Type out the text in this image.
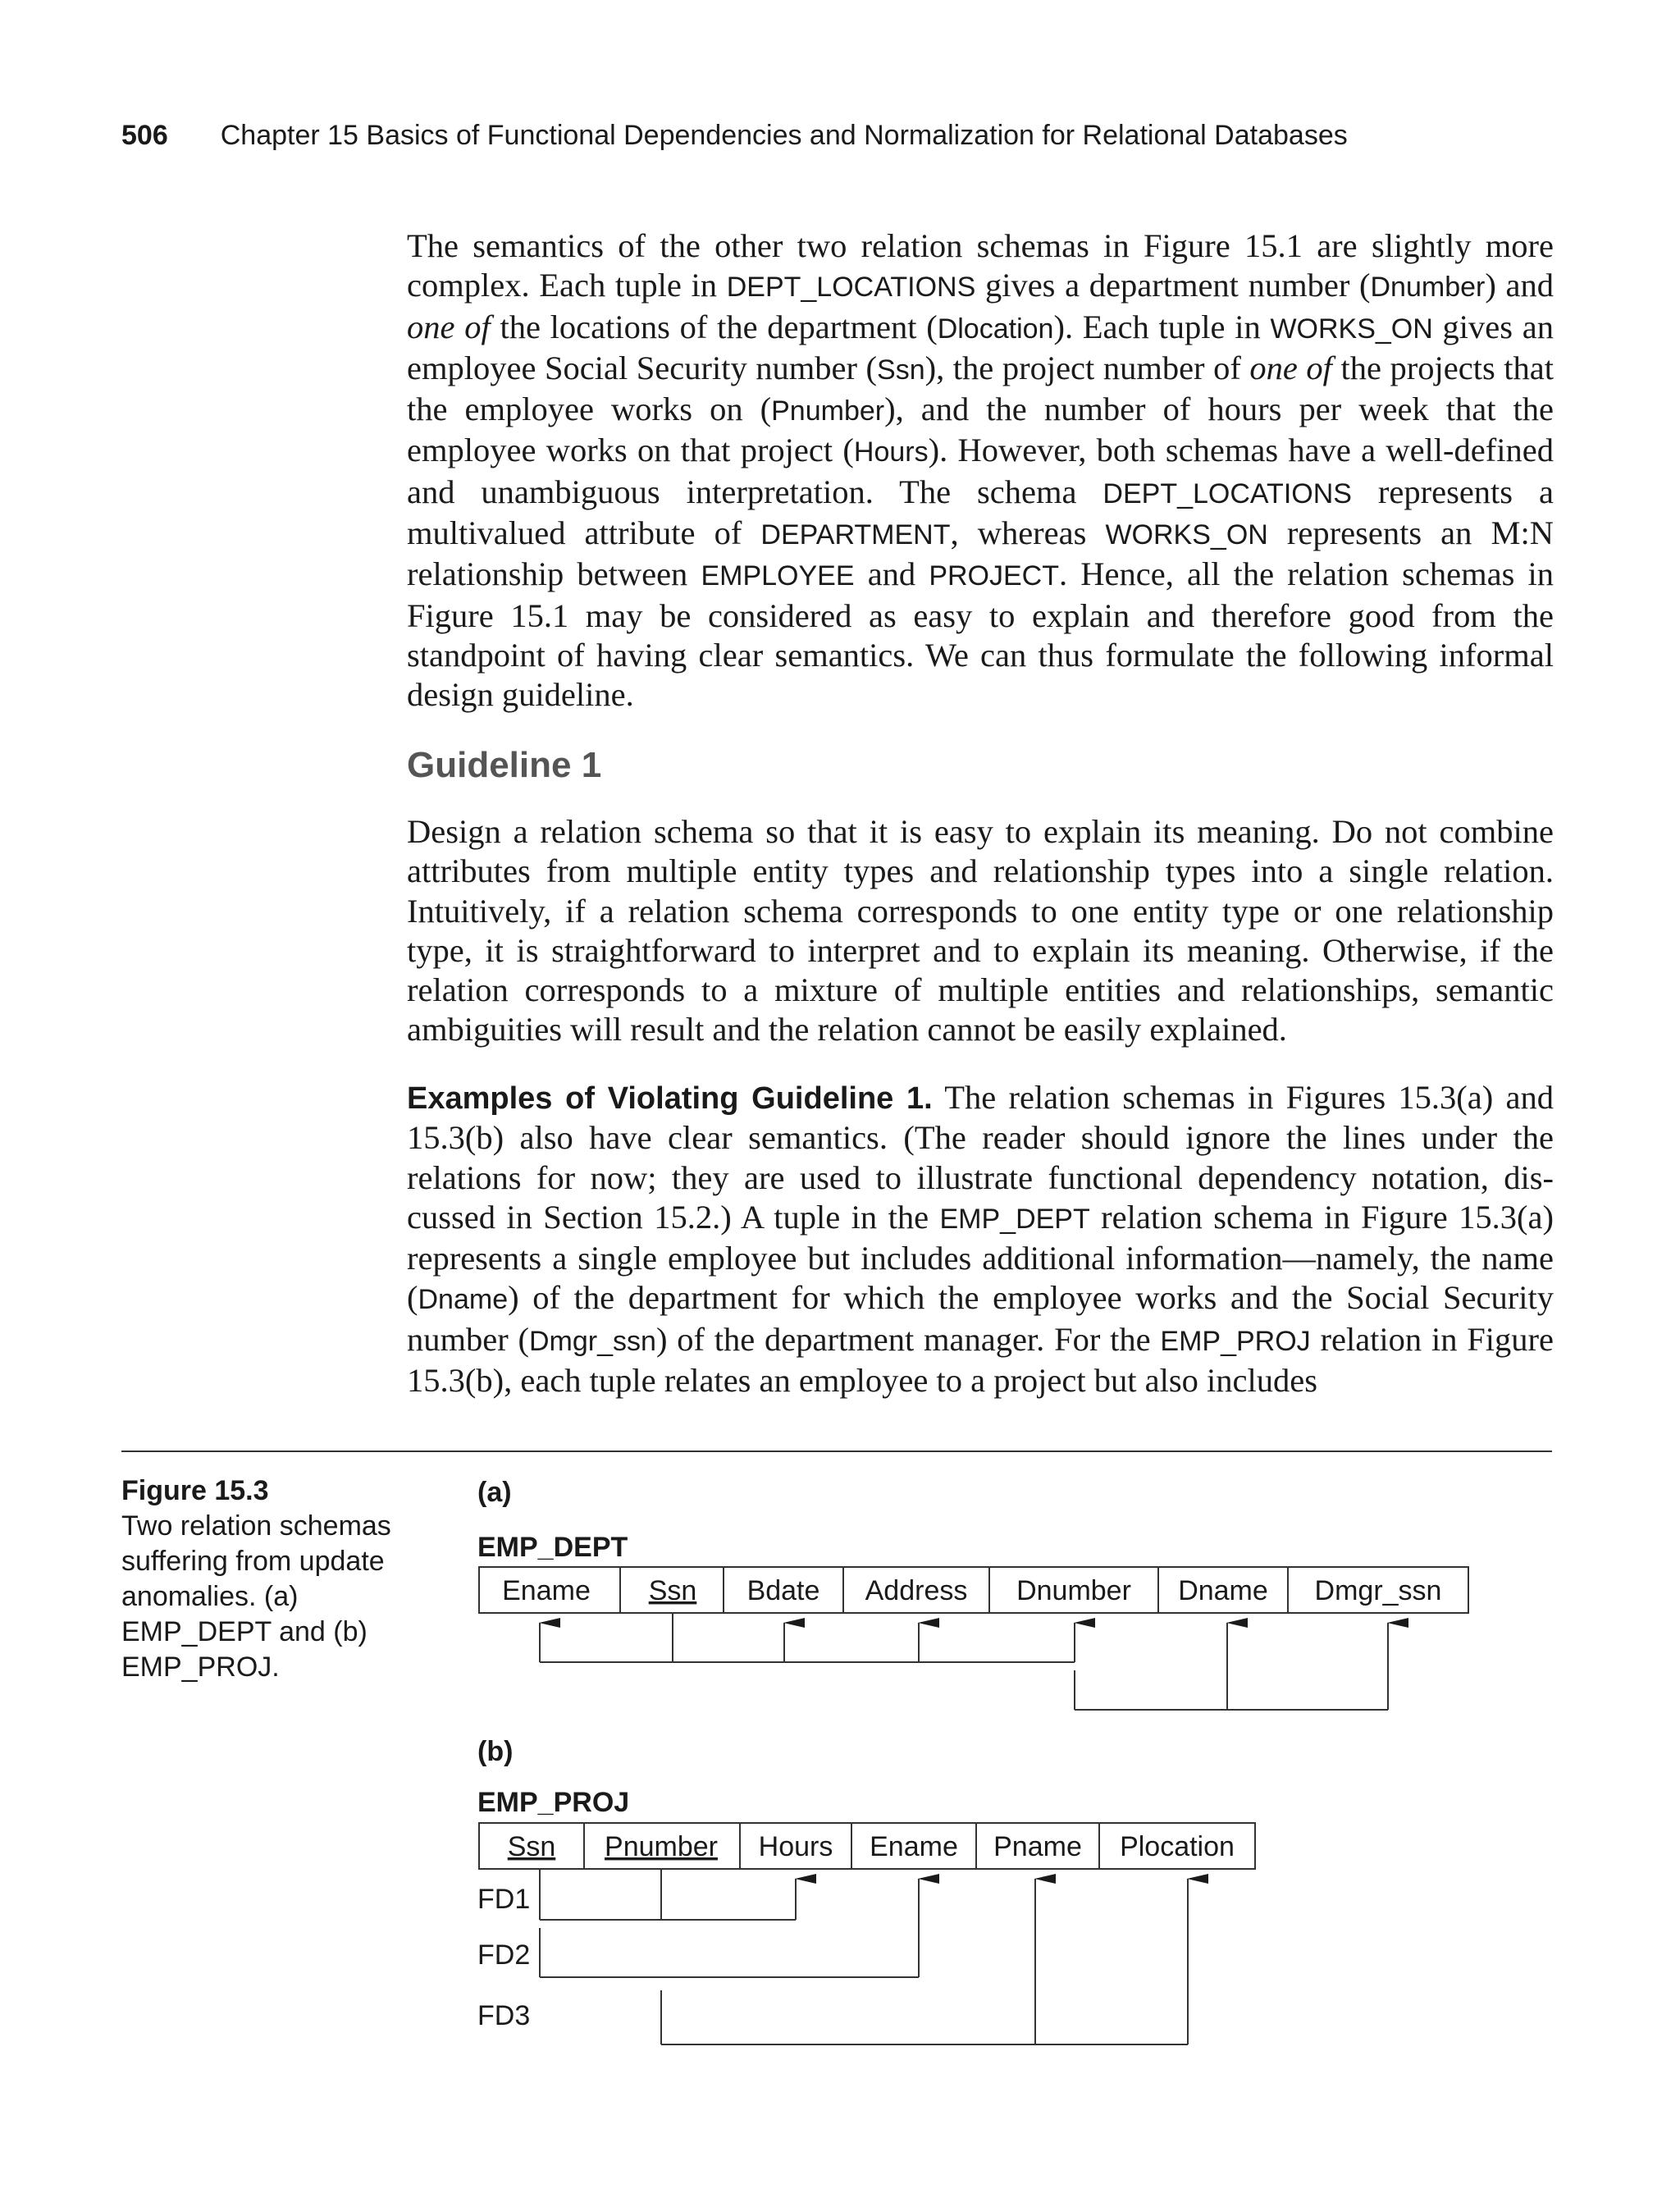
506 Chapter 15 Basics of Functional Dependencies and Normalization for Relational Databases
The semantics of the other two relation schemas in Figure 15.1 are slightly more complex. Each tuple in DEPT_LOCATIONS gives a department number (Dnumber) and one of the locations of the department (Dlocation). Each tuple in WORKS_ON gives an employee Social Security number (Ssn), the project number of one of the projects that the employee works on (Pnumber), and the number of hours per week that the employee works on that project (Hours). However, both schemas have a well-defined and unambiguous interpretation. The schema DEPT_LOCATIONS represents a multivalued attribute of DEPARTMENT, whereas WORKS_ON represents an M:N relationship between EMPLOYEE and PROJECT. Hence, all the relation schemas in Figure 15.1 may be considered as easy to explain and therefore good from the standpoint of having clear semantics. We can thus formulate the following informal design guideline.
Guideline 1
Design a relation schema so that it is easy to explain its meaning. Do not combine attributes from multiple entity types and relationship types into a single relation. Intuitively, if a relation schema corresponds to one entity type or one relationship type, it is straightforward to interpret and to explain its meaning. Otherwise, if the relation corresponds to a mixture of multiple entities and relationships, semantic ambiguities will result and the relation cannot be easily explained.
Examples of Violating Guideline 1. The relation schemas in Figures 15.3(a) and 15.3(b) also have clear semantics. (The reader should ignore the lines under the relations for now; they are used to illustrate functional dependency notation, discussed in Section 15.2.) A tuple in the EMP_DEPT relation schema in Figure 15.3(a) represents a single employee but includes additional information—namely, the name (Dname) of the department for which the employee works and the Social Security number (Dmgr_ssn) of the department manager. For the EMP_PROJ relation in Figure 15.3(b), each tuple relates an employee to a project but also includes
Figure 15.3
Two relation schemas suffering from update anomalies. (a) EMP_DEPT and (b) EMP_PROJ.
(a)
EMP_DEPT
Ename Ssn Bdate Address Dnumber Dname Dmgr_ssn
(b)
EMP_PROJ
Ssn Pnumber Hours Ename Pname Plocation
FD1
FD2
FD3
